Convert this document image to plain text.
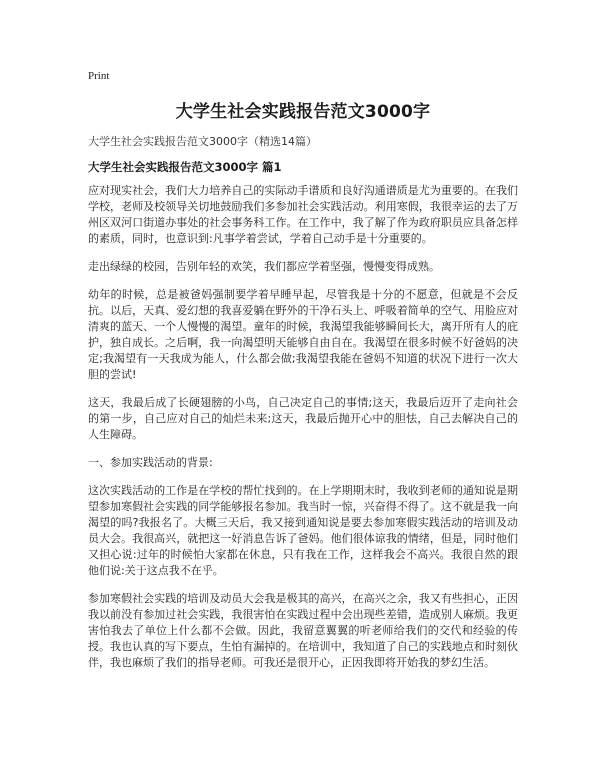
Print
大学生社会实践报告范文3000字
大学生社会实践报告范文3000字（精选14篇）
大学生社会实践报告范文3000字 篇1

应对现实社会，我们大力培养自己的实际动手谱质和良好沟通谱质是尤为重要的。在我们学校，老师及校领导关切地鼓励我们多参加社会实践活动。利用寒假，我很幸运的去了万州区双河口街道办事处的社会事务科工作。在工作中，我了解了作为政府职员应具备怎样的素质，同时，也意识到:凡事学着尝试，学着自己动手是十分重要的。

走出绿绿的校园，告别年轻的欢笑，我们都应学着坚强，慢慢变得成熟。

幼年的时候，总是被爸妈强制要学着早睡早起，尽管我是十分的不愿意，但就是不会反抗。以后，天真、爱幻想的我喜爱躺在野外的干净石头上、呼吸着简单的空气、用脸应对清爽的蓝天、一个人慢慢的渴望。童年的时候，我渴望我能够瞬间长大，离开所有人的庇护，独自成长。之后啊，我一向渴望明天能够自由自在。我渴望在很多时候不好爸妈的决定;我渴望有一天我成为能人，什么都会做;我渴望我能在爸妈不知道的状况下进行一次大胆的尝试!

这天，我最后成了长硬翅膀的小鸟，自己决定自己的事情;这天，我最后迈开了走向社会的第一步，自己应对自己的灿烂未来;这天，我最后抛开心中的胆怯，自己去解决自己的人生障碍。

一、参加实践活动的背景:

这次实践活动的工作是在学校的帮忙找到的。在上学期期末时，我收到老师的通知说是期望参加寒假社会实践的同学能够报名参加。我当时一惊，兴奋得不得了。这不就是我一向渴望的吗?我报名了。大概三天后，我又接到通知说是要去参加寒假实践活动的培训及动员大会。我很高兴，就把这一好消息告诉了爸妈。他们很体谅我的情绪，但是，同时他们又担心说:过年的时候怕大家都在休息，只有我在工作，这样我会不高兴。我很自然的跟他们说:关于这点我不在乎。

参加寒假社会实践的培训及动员大会我是极其的高兴，在高兴之余，我又有些担心，正因我以前没有参加过社会实践，我很害怕在实践过程中会出现些差错，造成别人麻烦。我更害怕我去了单位上什么都不会做。因此，我留意翼翼的听老师给我们的交代和经验的传授。我也认真的写下要点，生怕有漏掉的。在培训中，我知道了自己的实践地点和时刻伙伴，我也麻烦了我们的指导老师。可我还是很开心，正因我即将开始我的梦幻生活。
